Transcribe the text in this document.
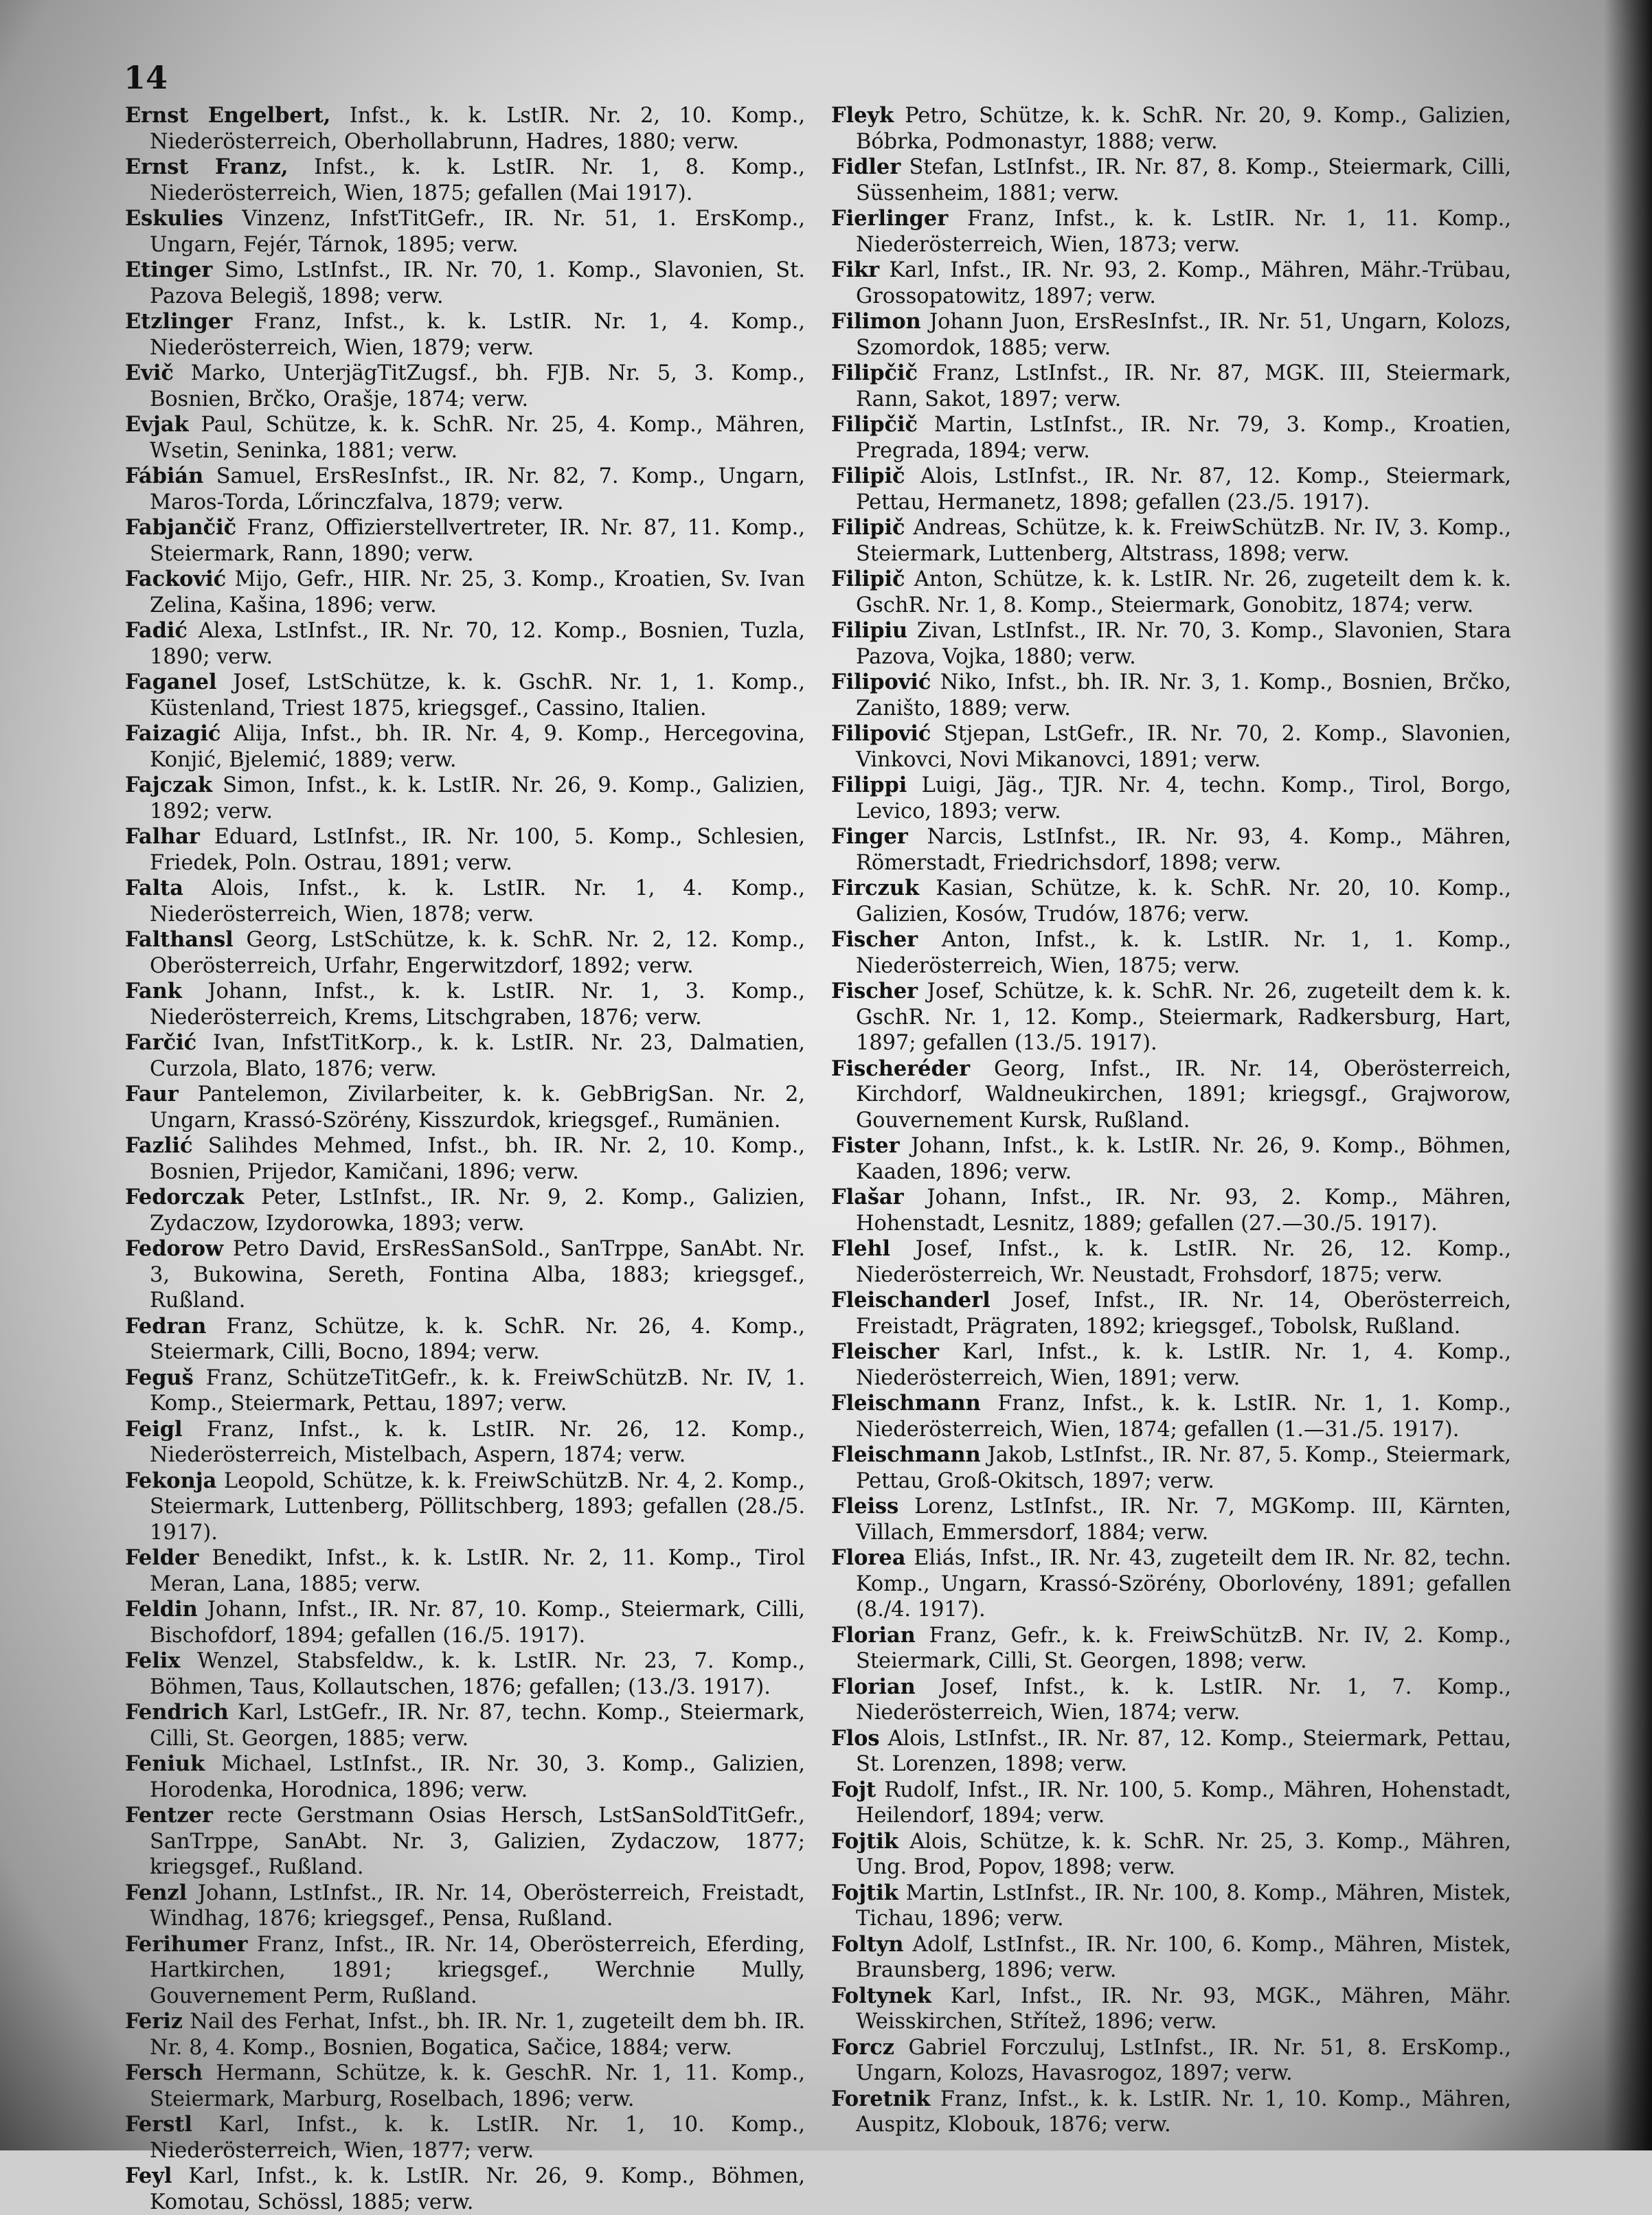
14

Ernst Engelbert, Infst., k. k. LstIR. Nr. 2, 10. Komp., Niederösterreich, Oberhollabrunn, Hadres, 1880; verw.

Ernst Franz, Infst., k. k. LstIR. Nr. 1, 8. Komp., Niederösterreich, Wien, 1875; gefallen (Mai 1917).

Eskulies Vinzenz, InfstTitGefr., IR. Nr. 51, 1. ErsKomp., Ungarn, Fejér, Tárnok, 1895; verw.

Etinger Simo, LstInfst., IR. Nr. 70, 1. Komp., Slavonien, St. Pazova Belegiš, 1898; verw.

Etzlinger Franz, Infst., k. k. LstIR. Nr. 1, 4. Komp., Niederösterreich, Wien, 1879; verw.

Evič Marko, UnterjägTitZugsf., bh. FJB. Nr. 5, 3. Komp., Bosnien, Brčko, Orašje, 1874; verw.

Evjak Paul, Schütze, k. k. SchR. Nr. 25, 4. Komp., Mähren, Wsetin, Seninka, 1881; verw.

Fábián Samuel, ErsResInfst., IR. Nr. 82, 7. Komp., Ungarn, Maros-Torda, Lőrinczfalva, 1879; verw.

Fabjančič Franz, Offizierstellvertreter, IR. Nr. 87, 11. Komp., Steiermark, Rann, 1890; verw.

Facković Mijo, Gefr., HIR. Nr. 25, 3. Komp., Kroatien, Sv. Ivan Zelina, Kašina, 1896; verw.

Fadić Alexa, LstInfst., IR. Nr. 70, 12. Komp., Bosnien, Tuzla, 1890; verw.

Faganel Josef, LstSchütze, k. k. GschR. Nr. 1, 1. Komp., Küstenland, Triest 1875, kriegsgef., Cassino, Italien.

Faizagić Alija, Infst., bh. IR. Nr. 4, 9. Komp., Hercegovina, Konjić, Bjelemić, 1889; verw.

Fajczak Simon, Infst., k. k. LstIR. Nr. 26, 9. Komp., Galizien, 1892; verw.

Falhar Eduard, LstInfst., IR. Nr. 100, 5. Komp., Schlesien, Friedek, Poln. Ostrau, 1891; verw.

Falta Alois, Infst., k. k. LstIR. Nr. 1, 4. Komp., Niederösterreich, Wien, 1878; verw.

Falthansl Georg, LstSchütze, k. k. SchR. Nr. 2, 12. Komp., Oberösterreich, Urfahr, Engerwitzdorf, 1892; verw.

Fank Johann, Infst., k. k. LstIR. Nr. 1, 3. Komp., Niederösterreich, Krems, Litschgraben, 1876; verw.

Farčić Ivan, InfstTitKorp., k. k. LstIR. Nr. 23, Dalmatien, Curzola, Blato, 1876; verw.

Faur Pantelemon, Zivilarbeiter, k. k. GebBrigSan. Nr. 2, Ungarn, Krassó-Szörény, Kisszurdok, kriegsgef., Rumänien.

Fazlić Salihdes Mehmed, Infst., bh. IR. Nr. 2, 10. Komp., Bosnien, Prijedor, Kamičani, 1896; verw.

Fedorczak Peter, LstInfst., IR. Nr. 9, 2. Komp., Galizien, Zydaczow, Izydorowka, 1893; verw.

Fedorow Petro David, ErsResSanSold., SanTrppe, SanAbt. Nr. 3, Bukowina, Sereth, Fontina Alba, 1883; kriegsgef., Rußland.

Fedran Franz, Schütze, k. k. SchR. Nr. 26, 4. Komp., Steiermark, Cilli, Bocno, 1894; verw.

Feguš Franz, SchützeTitGefr., k. k. FreiwSchützB. Nr. IV, 1. Komp., Steiermark, Pettau, 1897; verw.

Feigl Franz, Infst., k. k. LstIR. Nr. 26, 12. Komp., Niederösterreich, Mistelbach, Aspern, 1874; verw.

Fekonja Leopold, Schütze, k. k. FreiwSchützB. Nr. 4, 2. Komp., Steiermark, Luttenberg, Pöllitschberg, 1893; gefallen (28./5. 1917).

Felder Benedikt, Infst., k. k. LstIR. Nr. 2, 11. Komp., Tirol Meran, Lana, 1885; verw.

Feldin Johann, Infst., IR. Nr. 87, 10. Komp., Steiermark, Cilli, Bischofdorf, 1894; gefallen (16./5. 1917).

Felix Wenzel, Stabsfeldw., k. k. LstIR. Nr. 23, 7. Komp., Böhmen, Taus, Kollautschen, 1876; gefallen; (13./3. 1917).

Fendrich Karl, LstGefr., IR. Nr. 87, techn. Komp., Steiermark, Cilli, St. Georgen, 1885; verw.

Feniuk Michael, LstInfst., IR. Nr. 30, 3. Komp., Galizien, Horodenka, Horodnica, 1896; verw.

Fentzer recte Gerstmann Osias Hersch, LstSanSoldTitGefr., SanTrppe, SanAbt. Nr. 3, Galizien, Zydaczow, 1877; kriegsgef., Rußland.

Fenzl Johann, LstInfst., IR. Nr. 14, Oberösterreich, Freistadt, Windhag, 1876; kriegsgef., Pensa, Rußland.

Ferihumer Franz, Infst., IR. Nr. 14, Oberösterreich, Eferding, Hartkirchen, 1891; kriegsgef., Werchnie Mully, Gouvernement Perm, Rußland.

Feriz Nail des Ferhat, Infst., bh. IR. Nr. 1, zugeteilt dem bh. IR. Nr. 8, 4. Komp., Bosnien, Bogatica, Sačice, 1884; verw.

Fersch Hermann, Schütze, k. k. GeschR. Nr. 1, 11. Komp., Steiermark, Marburg, Roselbach, 1896; verw.

Ferstl Karl, Infst., k. k. LstIR. Nr. 1, 10. Komp., Niederösterreich, Wien, 1877; verw.

Feyl Karl, Infst., k. k. LstIR. Nr. 26, 9. Komp., Böhmen, Komotau, Schössl, 1885; verw.

Fleyk Petro, Schütze, k. k. SchR. Nr. 20, 9. Komp., Galizien, Bóbrka, Podmonastyr, 1888; verw.

Fidler Stefan, LstInfst., IR. Nr. 87, 8. Komp., Steiermark, Cilli, Süssenheim, 1881; verw.

Fierlinger Franz, Infst., k. k. LstIR. Nr. 1, 11. Komp., Niederösterreich, Wien, 1873; verw.

Fikr Karl, Infst., IR. Nr. 93, 2. Komp., Mähren, Mähr.-Trübau, Grossopatowitz, 1897; verw.

Filimon Johann Juon, ErsResInfst., IR. Nr. 51, Ungarn, Kolozs, Szomordok, 1885; verw.

Filipčič Franz, LstInfst., IR. Nr. 87, MGK. III, Steiermark, Rann, Sakot, 1897; verw.

Filipčič Martin, LstInfst., IR. Nr. 79, 3. Komp., Kroatien, Pregrada, 1894; verw.

Filipič Alois, LstInfst., IR. Nr. 87, 12. Komp., Steiermark, Pettau, Hermanetz, 1898; gefallen (23./5. 1917).

Filipič Andreas, Schütze, k. k. FreiwSchützB. Nr. IV, 3. Komp., Steiermark, Luttenberg, Altstrass, 1898; verw.

Filipič Anton, Schütze, k. k. LstIR. Nr. 26, zugeteilt dem k. k. GschR. Nr. 1, 8. Komp., Steiermark, Gonobitz, 1874; verw.

Filipiu Zivan, LstInfst., IR. Nr. 70, 3. Komp., Slavonien, Stara Pazova, Vojka, 1880; verw.

Filipović Niko, Infst., bh. IR. Nr. 3, 1. Komp., Bosnien, Brčko, Zaništo, 1889; verw.

Filipović Stjepan, LstGefr., IR. Nr. 70, 2. Komp., Slavonien, Vinkovci, Novi Mikanovci, 1891; verw.

Filippi Luigi, Jäg., TJR. Nr. 4, techn. Komp., Tirol, Borgo, Levico, 1893; verw.

Finger Narcis, LstInfst., IR. Nr. 93, 4. Komp., Mähren, Römerstadt, Friedrichsdorf, 1898; verw.

Firczuk Kasian, Schütze, k. k. SchR. Nr. 20, 10. Komp., Galizien, Kosów, Trudów, 1876; verw.

Fischer Anton, Infst., k. k. LstIR. Nr. 1, 1. Komp., Niederösterreich, Wien, 1875; verw.

Fischer Josef, Schütze, k. k. SchR. Nr. 26, zugeteilt dem k. k. GschR. Nr. 1, 12. Komp., Steiermark, Radkersburg, Hart, 1897; gefallen (13./5. 1917).

Fischeréder Georg, Infst., IR. Nr. 14, Oberösterreich, Kirchdorf, Waldneukirchen, 1891; kriegsgf., Grajworow, Gouvernement Kursk, Rußland.

Fister Johann, Infst., k. k. LstIR. Nr. 26, 9. Komp., Böhmen, Kaaden, 1896; verw.

Flašar Johann, Infst., IR. Nr. 93, 2. Komp., Mähren, Hohenstadt, Lesnitz, 1889; gefallen (27.—30./5. 1917).

Flehl Josef, Infst., k. k. LstIR. Nr. 26, 12. Komp., Niederösterreich, Wr. Neustadt, Frohsdorf, 1875; verw.

Fleischanderl Josef, Infst., IR. Nr. 14, Oberösterreich, Freistadt, Prägraten, 1892; kriegsgef., Tobolsk, Rußland.

Fleischer Karl, Infst., k. k. LstIR. Nr. 1, 4. Komp., Niederösterreich, Wien, 1891; verw.

Fleischmann Franz, Infst., k. k. LstIR. Nr. 1, 1. Komp., Niederösterreich, Wien, 1874; gefallen (1.—31./5. 1917).

Fleischmann Jakob, LstInfst., IR. Nr. 87, 5. Komp., Steiermark, Pettau, Groß-Okitsch, 1897; verw.

Fleiss Lorenz, LstInfst., IR. Nr. 7, MGKomp. III, Kärnten, Villach, Emmersdorf, 1884; verw.

Florea Eliás, Infst., IR. Nr. 43, zugeteilt dem IR. Nr. 82, techn. Komp., Ungarn, Krassó-Szörény, Oborlovény, 1891; gefallen (8./4. 1917).

Florian Franz, Gefr., k. k. FreiwSchützB. Nr. IV, 2. Komp., Steiermark, Cilli, St. Georgen, 1898; verw.

Florian Josef, Infst., k. k. LstIR. Nr. 1, 7. Komp., Niederösterreich, Wien, 1874; verw.

Flos Alois, LstInfst., IR. Nr. 87, 12. Komp., Steiermark, Pettau, St. Lorenzen, 1898; verw.

Fojt Rudolf, Infst., IR. Nr. 100, 5. Komp., Mähren, Hohenstadt, Heilendorf, 1894; verw.

Fojtik Alois, Schütze, k. k. SchR. Nr. 25, 3. Komp., Mähren, Ung. Brod, Popov, 1898; verw.

Fojtik Martin, LstInfst., IR. Nr. 100, 8. Komp., Mähren, Mistek, Tichau, 1896; verw.

Foltyn Adolf, LstInfst., IR. Nr. 100, 6. Komp., Mähren, Mistek, Braunsberg, 1896; verw.

Foltynek Karl, Infst., IR. Nr. 93, MGK., Mähren, Mähr. Weisskirchen, Střítež, 1896; verw.

Forcz Gabriel Forczuluj, LstInfst., IR. Nr. 51, 8. ErsKomp., Ungarn, Kolozs, Havasrogoz, 1897; verw.

Foretnik Franz, Infst., k. k. LstIR. Nr. 1, 10. Komp., Mähren, Auspitz, Klobouk, 1876; verw.
